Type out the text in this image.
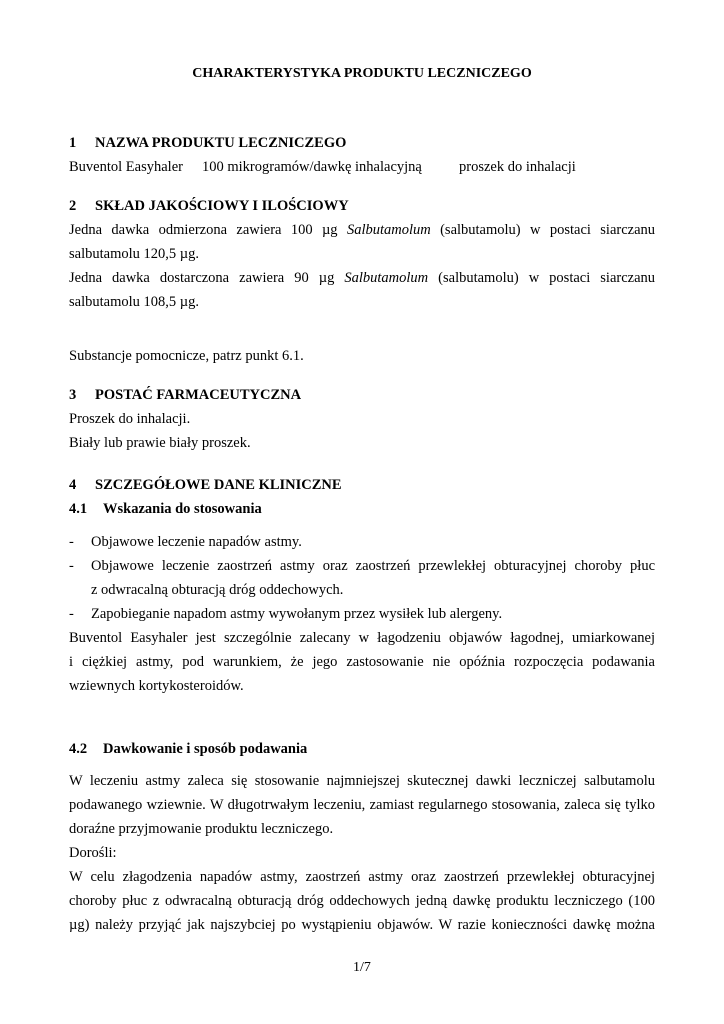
CHARAKTERYSTYKA PRODUKTU LECZNICZEGO
1 NAZWA PRODUKTU LECZNICZEGO
Buventol Easyhaler 100 mikrogramów/dawkę inhalacyjną	proszek do inhalacji
2 SKŁAD JAKOŚCIOWY I ILOŚCIOWY
Jedna dawka odmierzona zawiera 100 µg Salbutamolum (salbutamolu) w postaci siarczanu
salbutamolu 120,5 µg.
Jedna dawka dostarczona zawiera 90 µg Salbutamolum (salbutamolu) w postaci siarczanu
salbutamolu 108,5 µg.
Substancje pomocnicze, patrz punkt 6.1.
3 POSTAĆ FARMACEUTYCZNA
Proszek do inhalacji.
Biały lub prawie biały proszek.
4 SZCZEGÓŁOWE DANE KLINICZNE
4.1 Wskazania do stosowania
- Objawowe leczenie napadów astmy.
- Objawowe leczenie zaostrzeń astmy oraz zaostrzeń przewlekłej obturacyjnej choroby płuc
z odwracalną obturacją dróg oddechowych.
- Zapobieganie napadom astmy wywołanym przez wysiłek lub alergeny.
Buventol Easyhaler jest szczególnie zalecany w łagodzeniu objawów łagodnej, umiarkowanej
i ciężkiej astmy, pod warunkiem, że jego zastosowanie nie opóźnia rozpoczęcia podawania
wziewnych kortykosteroidów.
4.2 Dawkowanie i sposób podawania
W leczeniu astmy zaleca się stosowanie najmniejszej skutecznej dawki leczniczej salbutamolu
podawanego wziewnie. W długotrwałym leczeniu, zamiast regularnego stosowania, zaleca się tylko
doraźne przyjmowanie produktu leczniczego.
Dorośli:
W celu złagodzenia napadów astmy, zaostrzeń astmy oraz zaostrzeń przewlekłej obturacyjnej
choroby płuc z odwracalną obturacją dróg oddechowych jedną dawkę produktu leczniczego (100
µg) należy przyjąć jak najszybciej po wystąpieniu objawów. W razie konieczności dawkę można
1/7
